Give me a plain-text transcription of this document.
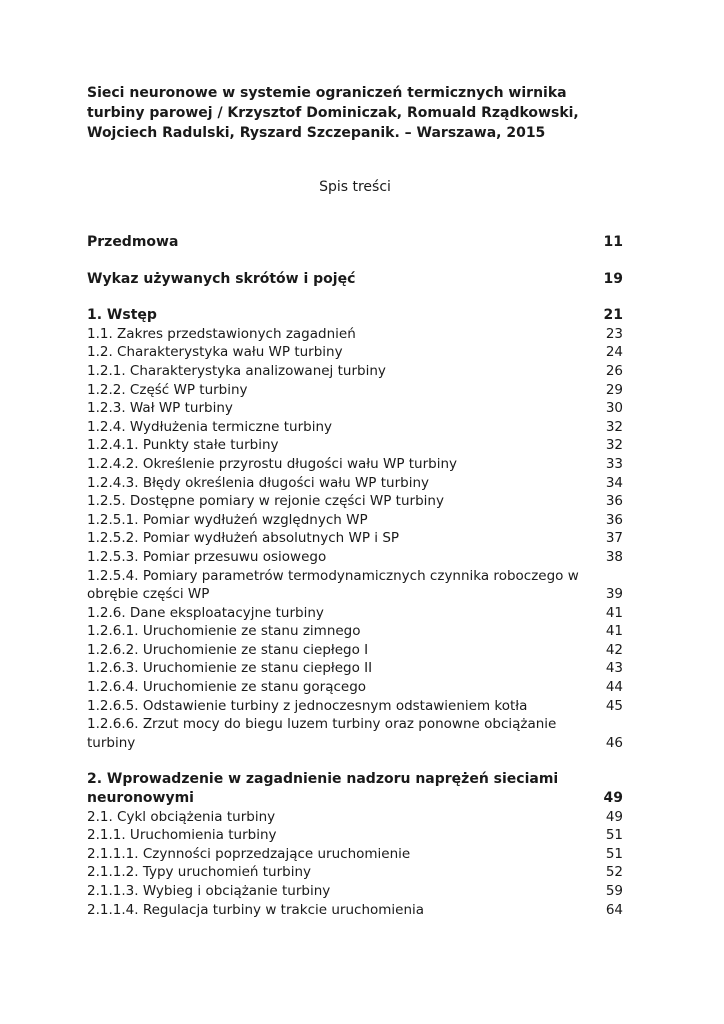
Sieci neuronowe w systemie ograniczeń termicznych wirnika turbiny parowej / Krzysztof Dominiczak, Romuald Rządkowski, Wojciech Radulski, Ryszard Szczepanik. – Warszawa, 2015
Spis treści
Przedmowa	11
Wykaz używanych skrótów i pojęć	19
1. Wstęp	21
1.1. Zakres przedstawionych zagadnień	23
1.2. Charakterystyka wału WP turbiny	24
1.2.1. Charakterystyka analizowanej turbiny	26
1.2.2. Część WP turbiny	29
1.2.3. Wał WP turbiny	30
1.2.4. Wydłużenia termiczne turbiny	32
1.2.4.1. Punkty stałe turbiny	32
1.2.4.2. Określenie przyrostu długości wału WP turbiny	33
1.2.4.3. Błędy określenia długości wału WP turbiny	34
1.2.5. Dostępne pomiary w rejonie części WP turbiny	36
1.2.5.1. Pomiar wydłużeń względnych WP	36
1.2.5.2. Pomiar wydłużeń absolutnych WP i SP	37
1.2.5.3. Pomiar przesuwu osiowego	38
1.2.5.4. Pomiary parametrów termodynamicznych czynnika roboczego w obrębie części WP	39
1.2.6. Dane eksploatacyjne turbiny	41
1.2.6.1. Uruchomienie ze stanu zimnego	41
1.2.6.2. Uruchomienie ze stanu ciepłego I	42
1.2.6.3. Uruchomienie ze stanu ciepłego II	43
1.2.6.4. Uruchomienie ze stanu gorącego	44
1.2.6.5. Odstawienie turbiny z jednoczesnym odstawieniem kotła	45
1.2.6.6. Zrzut mocy do biegu luzem turbiny oraz ponowne obciążanie turbiny	46
2. Wprowadzenie w zagadnienie nadzoru naprężeń sieciami neuronowymi	49
2.1. Cykl obciążenia turbiny	49
2.1.1. Uruchomienia turbiny	51
2.1.1.1. Czynności poprzedzające uruchomienie	51
2.1.1.2. Typy uruchomień turbiny	52
2.1.1.3. Wybieg i obciążanie turbiny	59
2.1.1.4. Regulacja turbiny w trakcie uruchomienia	64
